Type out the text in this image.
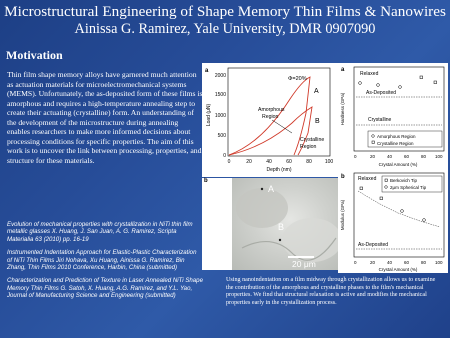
Microstructural Engineering of Shape Memory Thin Films & Nanowires
Ainissa G. Ramirez, Yale University, DMR 0907090
Motivation
Thin film shape memory alloys have garnered much attention as actuation materials for microelectromechanical systems (MEMS). Unfortunately, the as-deposited form of these films is amorphous and requires a high-temperature annealing step to create their actuating (crystalline) form. An understanding of the development of the microstructure during annealing enables researchers to make more informed decisions about processing conditions for specific properties. The aim of this work is to uncover the link between processing, properties, and structure for these materials.

Evolution of mechanical properties with crystallization in NiTi thin film metallic glasses X. Huang, J. San Juan, A. G. Ramirez, Scripta Materialia 63 (2010) pp. 16-19

Instrumented Indentation Approach for Elastic-Plastic Characterization of NiTi Thin Films Jiri Nohava, Xu Huang, Ainissa G. Ramirez, Bin Zhang, Thin Films 2010 Conference, Harbin, China (submitted)

Characterization and Prediction of Texture in Laser Annealed NiTi Shape Memory Thin Films G. Satoh, X. Huang, A.G. Ramirez, and Y.L. Yao, Journal of Manufacturing Science and Engineering (submitted)

a
2000
1500
1000
500
0
Load (μN)
0	20	40	60	80	100
Depth (nm)
Φ=20%
A
B
Amorphous
Region
Crystalline
Region
a
Hardness (GPa)
Relaxed
As-Deposited
Crystalline
Amorphous Region
Crystalline Region
0	20	40	60	80 100
Crystal Amount (%)
b
Modulus (GPa)
Relaxed	Berkovich Tip
2μm Spherical Tip
As-Deposited
0	20	40	60	80 100
Crystal Amount (%)
b
A
B
20 μm
Using nanoindentation on a film midway through crystallization allows us to examine the contribution of the amorphous and crystalline phases to the film's mechanical properties. We find that structural relaxation is active and modifies the mechanical properties early in the crystallization process.
